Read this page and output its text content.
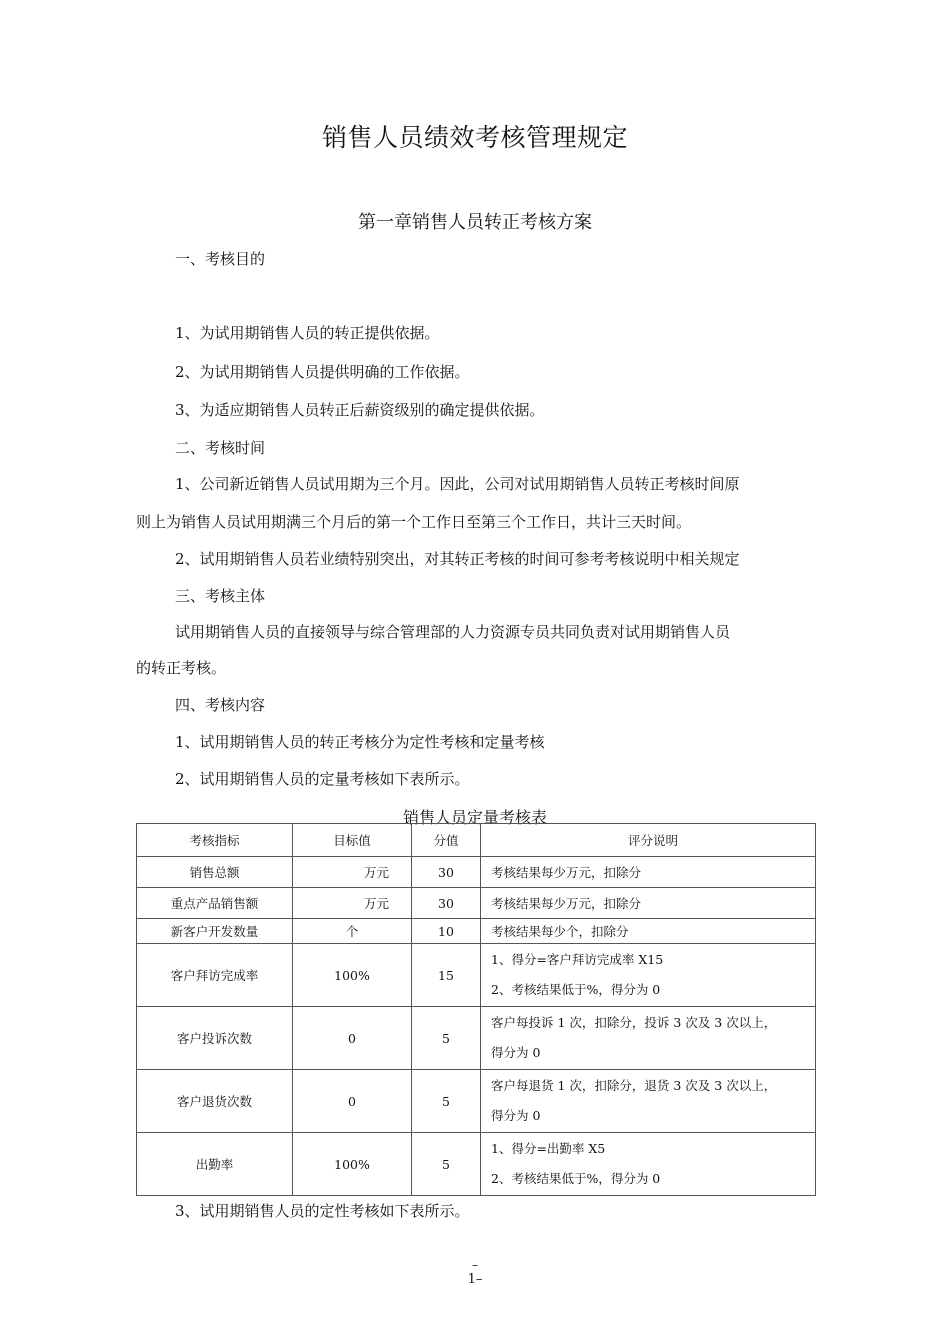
销售人员绩效考核管理规定
第一章销售人员转正考核方案
一、考核目的
1、为试用期销售人员的转正提供依据。
2、为试用期销售人员提供明确的工作依据。
3、为适应期销售人员转正后薪资级别的确定提供依据。
二、考核时间
1、公司新近销售人员试用期为三个月。因此，公司对试用期销售人员转正考核时间原
则上为销售人员试用期满三个月后的第一个工作日至第三个工作日，共计三天时间。
2、试用期销售人员若业绩特别突出，对其转正考核的时间可参考考核说明中相关规定
三、考核主体
试用期销售人员的直接领导与综合管理部的人力资源专员共同负责对试用期销售人员
的转正考核。
四、考核内容
1、试用期销售人员的转正考核分为定性考核和定量考核
2、试用期销售人员的定量考核如下表所示。
销售人员定量考核表
考核指标	目标值	分值	评分说明
销售总额	万元	30	考核结果每少万元，扣除分
重点产品销售额	万元	30	考核结果每少万元，扣除分
新客户开发数量	个	10	考核结果每少个，扣除分
客户拜访完成率	100%	15	1、得分=客户拜访完成率 X15
2、考核结果低于%，得分为 0

客户投诉次数	0	5	客户每投诉 1 次，扣除分，投诉 3 次及 3 次以上，
得分为 0

客户退货次数	0	5	客户每退货 1 次，扣除分，退货 3 次及 3 次以上，
得分为 0

出勤率	100%	5	1、得分=出勤率 X5
2、考核结果低于%，得分为 0
3、试用期销售人员的定性考核如下表所示。
–
1–
